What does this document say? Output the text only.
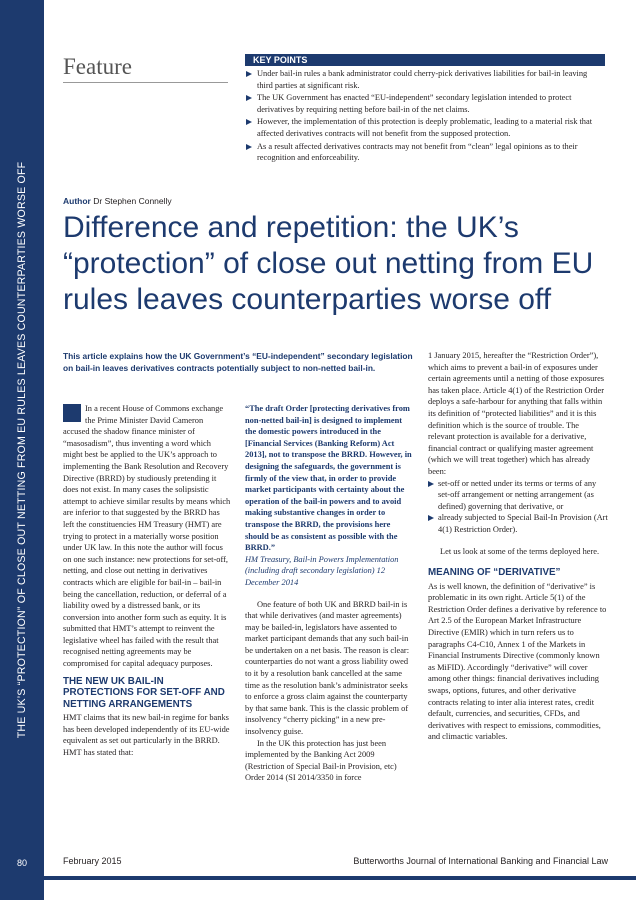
THE UK’S “PROTECTION” OF CLOSE OUT NETTING FROM EU RULES LEAVES COUNTERPARTIES WORSE OFF
Feature	KEY POINTS
Under bail-in rules a bank administrator could cherry-pick derivatives liabilities for bail-in leaving third parties at significant risk.
The UK Government has enacted “EU-independent” secondary legislation intended to protect derivatives by requiring netting before bail-in of the net claims.
However, the implementation of this protection is deeply problematic, leading to a material risk that affected derivatives contracts will not benefit from the supposed protection.
As a result affected derivatives contracts may not benefit from “clean” legal opinions as to their recognition and enforceability.
Author Dr Stephen Connelly
Difference and repetition: the UK’s “protection” of close out netting from EU rules leaves counterparties worse off

This article explains how the UK Government’s “EU-independent” secondary legislation on bail-in leaves derivatives contracts potentially subject to non-netted bail-in.

In a recent House of Commons exchange the Prime Minister David Cameron accused the shadow finance minister of “masosadism”, thus inventing a word which might best be applied to the UK’s approach to implementing the Bank Resolution and Recovery Directive (BRRD) by studiously pretending it does not exist. In many cases the solipsistic attempt to achieve similar results by means which are inferior to that suggested by the BRRD has left the constituencies HM Treasury (HMT) are trying to protect in a materially worse position under UK law. In this note the author will focus on one such instance: new protections for set-off, netting, and close out netting in derivatives contracts which are eligible for bail-in – bail-in being the cancellation, reduction, or deferral of a liability owed by a distressed bank, or its conversion into another form such as equity. It is submitted that HMT’s attempt to reinvent the legislative wheel has failed with the result that recognised netting agreements may be compromised for capital adequacy purposes.

THE NEW UK BAIL-IN PROTECTIONS FOR SET-OFF AND NETTING ARRANGEMENTS

HMT claims that its new bail-in regime for banks has been developed independently of its EU-wide equivalent as set out particularly in the BRRD. HMT has stated that:

“The draft Order [protecting derivatives from non-netted bail-in] is designed to implement the domestic powers introduced in the [Financial Services (Banking Reform) Act 2013], not to transpose the BRRD. However, in designing the safeguards, the government is firmly of the view that, in order to provide market participants with certainty about the operation of the bail-in powers and to avoid making substantive changes in order to transpose the BRRD, the provisions here should be as consistent as possible with the BRRD.”

HM Treasury, Bail-in Powers Implementation (including draft secondary legislation) 12 December 2014

One feature of both UK and BRRD bail-in is that while derivatives (and master agreements) may be bailed-in, legislators have assented to market participant demands that any such bail-in be undertaken on a net basis. The reason is clear: counterparties do not want a gross liability owed to it by a resolution bank cancelled at the same time as the resolution bank’s administrator seeks to enforce a gross claim against the counterparty by that same bank. This is the classic problem of insolvency “cherry picking” in a new pre-insolvency guise.

In the UK this protection has just been implemented by the Banking Act 2009 (Restriction of Special Bail-in Provision, etc) Order 2014 (SI 2014/3350 in force

1 January 2015, hereafter the “Restriction Order”), which aims to prevent a bail-in of exposures under certain agreements until a netting of those exposures has taken place. Article 4(1) of the Restriction Order deploys a safe-harbour for anything that falls within its definition of “protected liabilities” and it is this definition which is the source of trouble. The relevant protection is available for a derivative, financial contract or qualifying master agreement (which we will treat together) which has already been:

set-off or netted under its terms or terms of any set-off arrangement or netting arrangement (as defined) governing that derivative, or
already subjected to Special Bail-In Provision (Art 4(1) Restriction Order).

Let us look at some of the terms deployed here.

MEANING OF “DERIVATIVE”

As is well known, the definition of “derivative” is problematic in its own right. Article 5(1) of the Restriction Order defines a derivative by reference to Art 2.5 of the European Market Infrastructure Directive (EMIR) which in turn refers us to paragraphs C4-C10, Annex 1 of the Markets in Financial Instruments Directive (commonly known as MiFID). Accordingly “derivative” will cover among other things: financial derivatives including swaps, options, futures, and other derivative contracts relating to inter alia interest rates, credit default, currencies, and securities, CFDs, and derivatives with respect to emissions, commodities, and climactic variables.

80	February 2015	Butterworths Journal of International Banking and Financial Law
